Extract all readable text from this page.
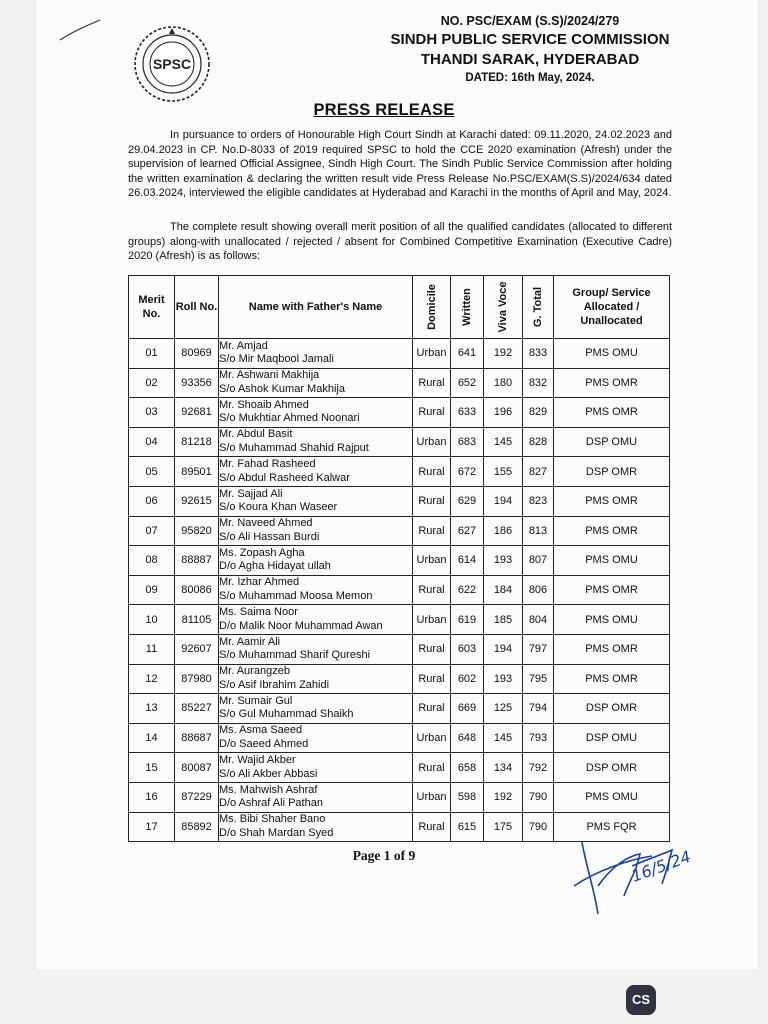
SPSC
NO. PSC/EXAM (S.S)/2024/279
SINDH PUBLIC SERVICE COMMISSION
THANDI SARAK, HYDERABAD
DATED: 16th May, 2024.
PRESS RELEASE
In pursuance to orders of Honourable High Court Sindh at Karachi dated: 09.11.2020, 24.02.2023 and 29.04.2023 in CP. No.D-8033 of 2019 required SPSC to hold the CCE 2020 examination (Afresh) under the supervision of learned Official Assignee, Sindh High Court. The Sindh Public Service Commission after holding the written examination & declaring the written result vide Press Release No.PSC/EXAM(S.S)/2024/634 dated 26.03.2024, interviewed the eligible candidates at Hyderabad and Karachi in the months of April and May, 2024.
The complete result showing overall merit position of all the qualified candidates (allocated to different groups) along-with unallocated / rejected / absent for Combined Competitive Examination (Executive Cadre) 2020 (Afresh) is as follows:
Merit No.	Roll No.	Name with Father's Name	Domicile	Written	Viva Voce	G. Total	Group/ Service Allocated / Unallocated
01	80969	Mr. Amjad
S/o Mir Maqbool Jamali	Urban	641	192	833	PMS OMU
02	93356	Mr. Ashwani Makhija
S/o Ashok Kumar Makhija	Rural	652	180	832	PMS OMR
03	92681	Mr. Shoaib Ahmed
S/o Mukhtiar Ahmed Noonari	Rural	633	196	829	PMS OMR
04	81218	Mr. Abdul Basit
S/o Muhammad Shahid Rajput	Urban	683	145	828	DSP OMU
05	89501	Mr. Fahad Rasheed
S/o Abdul Rasheed Kalwar	Rural	672	155	827	DSP OMR
06	92615	Mr. Sajjad Ali
S/o Koura Khan Waseer	Rural	629	194	823	PMS OMR
07	95820	Mr. Naveed Ahmed
S/o Ali Hassan Burdi	Rural	627	186	813	PMS OMR
08	88887	Ms. Zopash Agha
D/o Agha Hidayat ullah	Urban	614	193	807	PMS OMU
09	80086	Mr. Izhar Ahmed
S/o Muhammad Moosa Memon	Rural	622	184	806	PMS OMR
10	81105	Ms. Saima Noor
D/o Malik Noor Muhammad Awan	Urban	619	185	804	PMS OMU
11	92607	Mr. Aamir Ali
S/o Muhammad Sharif Qureshi	Rural	603	194	797	PMS OMR
12	87980	Mr. Aurangzeb
S/o Asif Ibrahim Zahidi	Rural	602	193	795	PMS OMR
13	85227	Mr. Sumair Gul
S/o Gul Muhammad Shaikh	Rural	669	125	794	DSP OMR
14	88687	Ms. Asma Saeed
D/o Saeed Ahmed	Urban	648	145	793	DSP OMU
15	80087	Mr. Wajid Akber
S/o Ali Akber Abbasi	Rural	658	134	792	DSP OMR
16	87229	Ms. Mahwish Ashraf
D/o Ashraf Ali Pathan	Urban	598	192	790	PMS OMU
17	85892	Ms. Bibi Shaher Bano
D/o Shah Mardan Syed	Rural	615	175	790	PMS FQR
Page 1 of 9	16/5/24
CS
